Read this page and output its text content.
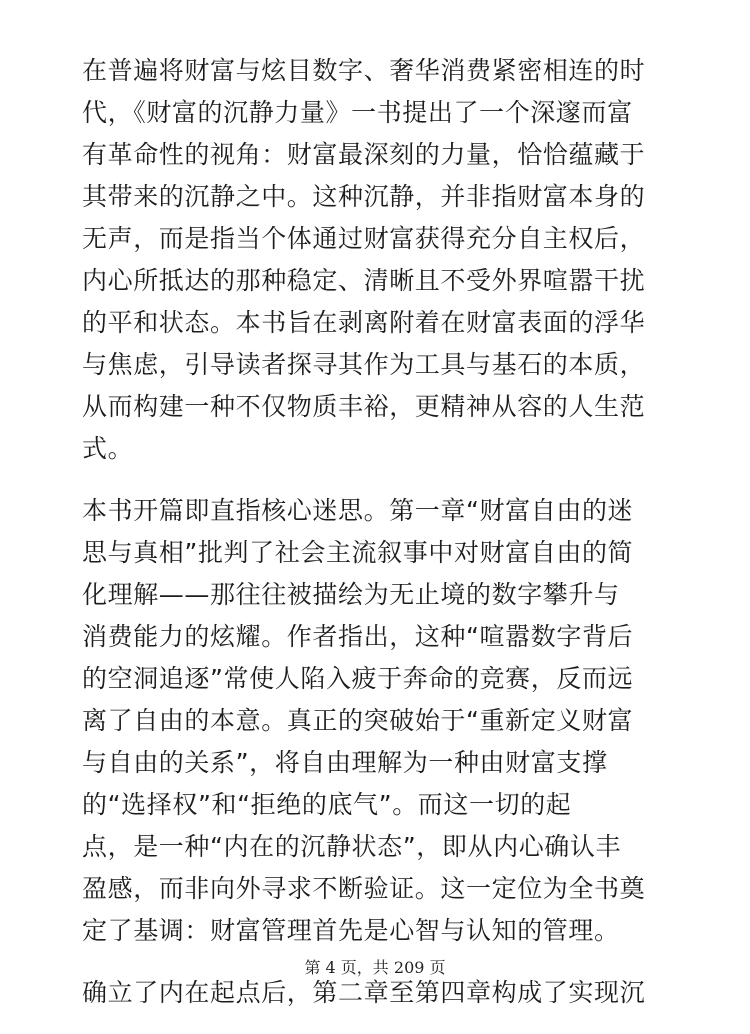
在普遍将财富与炫目数字、奢华消费紧密相连的时
代，《财富的沉静力量》一书提出了一个深邃而富
有革命性的视角：财富最深刻的力量，恰恰蕴藏于
其带来的沉静之中。这种沉静，并非指财富本身的
无声，而是指当个体通过财富获得充分自主权后，
内心所抵达的那种稳定、清晰且不受外界喧嚣干扰
的平和状态。本书旨在剥离附着在财富表面的浮华
与焦虑，引导读者探寻其作为工具与基石的本质，
从而构建一种不仅物质丰裕，更精神从容的人生范
式。
本书开篇即直指核心迷思。第一章“财富自由的迷
思与真相”批判了社会主流叙事中对财富自由的简
化理解——那往往被描绘为无止境的数字攀升与
消费能力的炫耀。作者指出，这种“喧嚣数字背后
的空洞追逐”常使人陷入疲于奔命的竞赛，反而远
离了自由的本意。真正的突破始于“重新定义财富
与自由的关系”，将自由理解为一种由财富支撑
的“选择权”和“拒绝的底气”。而这一切的起
点，是一种“内在的沉静状态”，即从内心确认丰
盈感，而非向外寻求不断验证。这一定位为全书奠
定了基调：财富管理首先是心智与认知的管理。
确立了内在起点后，第二章至第四章构成了实现沉
第 4 页，共 209 页
